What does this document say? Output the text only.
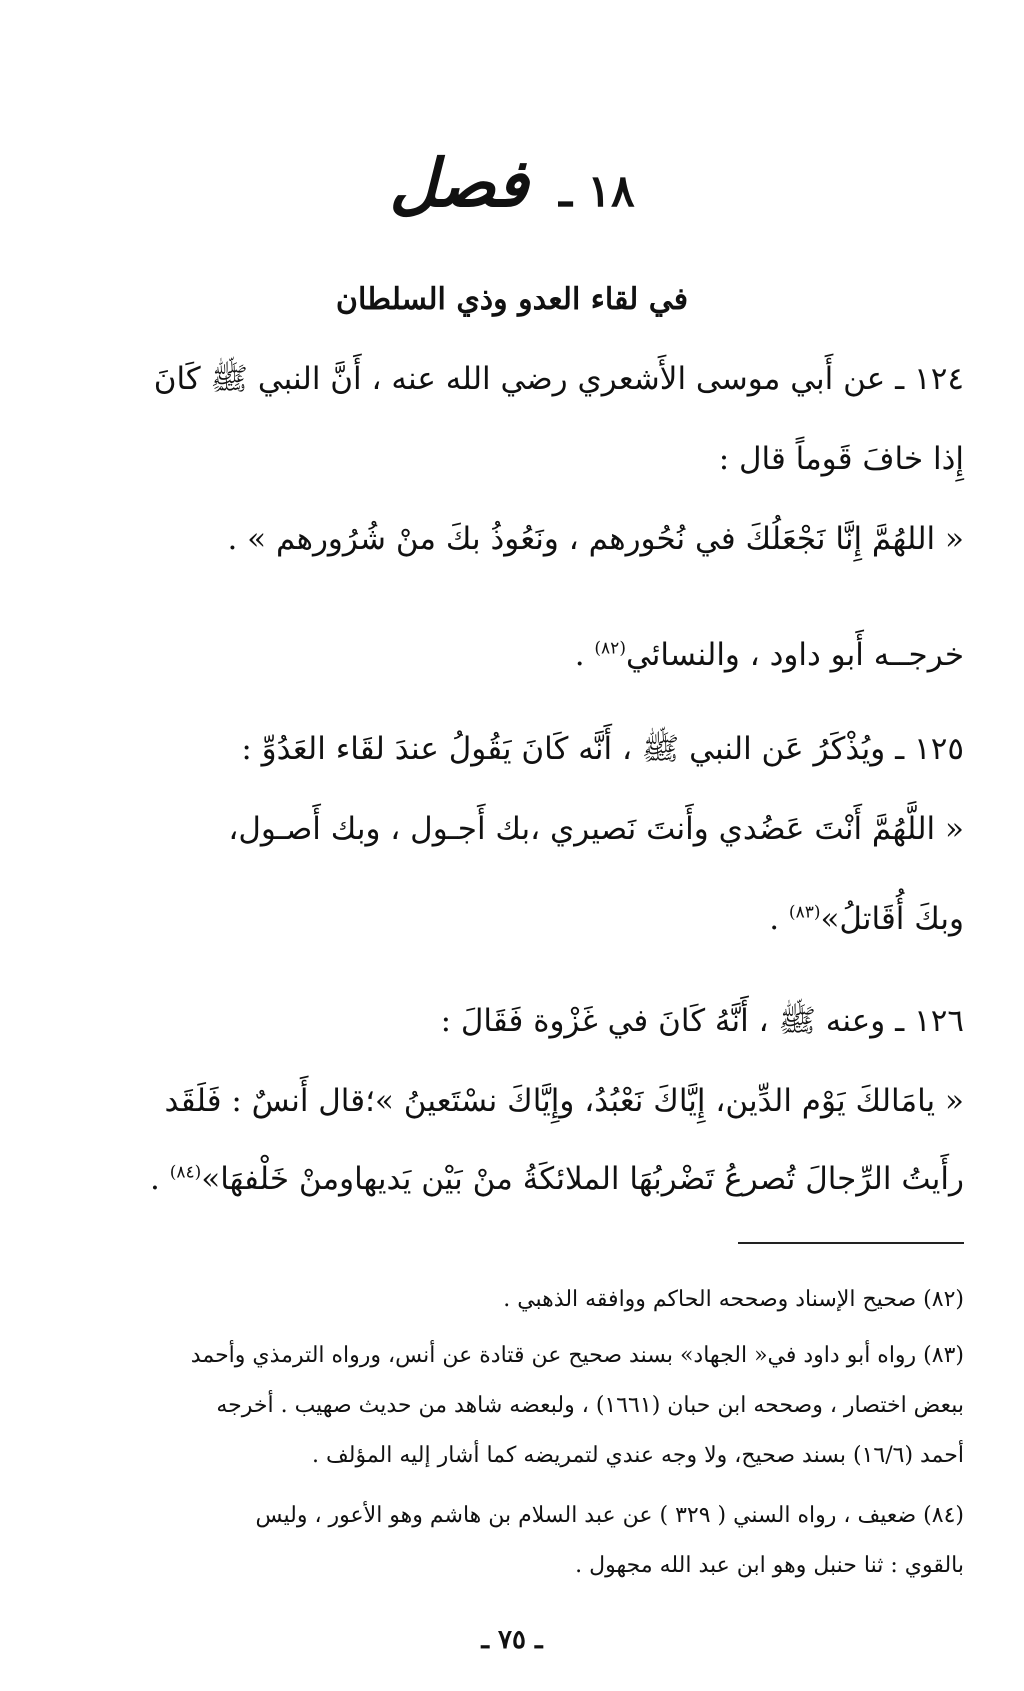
١٨ ـ فصل
في لقاء العدو وذي السلطان
١٢٤ ـ عن أَبي موسى الأَشعري رضي الله عنه ، أَنَّ النبي ﷺ كَانَ
إِذا خافَ قَوماً قال :
« اللهُمَّ إِنَّا نَجْعَلُكَ في نُحُورهم ، ونَعُوذُ بكَ منْ شُرُورهم » .
خرجــه أَبو داود ، والنسائي$^{(٨٢)}$ .
١٢٥ ـ ويُذْكَرُ عَن النبي ﷺ ، أَنَّه كَانَ يَقُولُ عندَ لقَاء العَدُوِّ :
« اللَّهُمَّ أَنْتَ عَضُدي وأَنتَ نَصيري ،بك أَجـول ، وبك أَصـول،
وبكَ أُقَاتلُ»$^{(٨٣)}$ .
١٢٦ ـ وعنه ﷺ ، أَنَّهُ كَانَ في غَزْوة فَقَالَ :
« يامَالكَ يَوْم الدِّين، إِيَّاكَ نَعْبُدُ، وإِيَّاكَ نسْتَعينُ »؛قال أَنسٌ : فَلَقَد
رأَيتُ الرِّجالَ تُصرعُ تَضْربُهَا الملائكَةُ منْ بَيْن يَديهاومنْ خَلْفهَا»$^{(٨٤)}$ .
(٨٢) صحيح الإسناد وصححه الحاكم ووافقه الذهبي .
(٨٣) رواه أبو داود في« الجهاد» بسند صحيح عن قتادة عن أنس، ورواه الترمذي وأحمد
ببعض اختصار ، وصححه ابن حبان (١٦٦١) ، ولبعضه شاهد من حديث صهيب . أخرجه
أحمد (١٦/٦) بسند صحيح، ولا وجه عندي لتمريضه كما أشار إليه المؤلف .
(٨٤) ضعيف ، رواه السني ( ٣٢٩ ) عن عبد السلام بن هاشم وهو الأعور ، وليس
بالقوي : ثنا حنبل وهو ابن عبد الله مجهول .
ـ ٧٥ ـ
